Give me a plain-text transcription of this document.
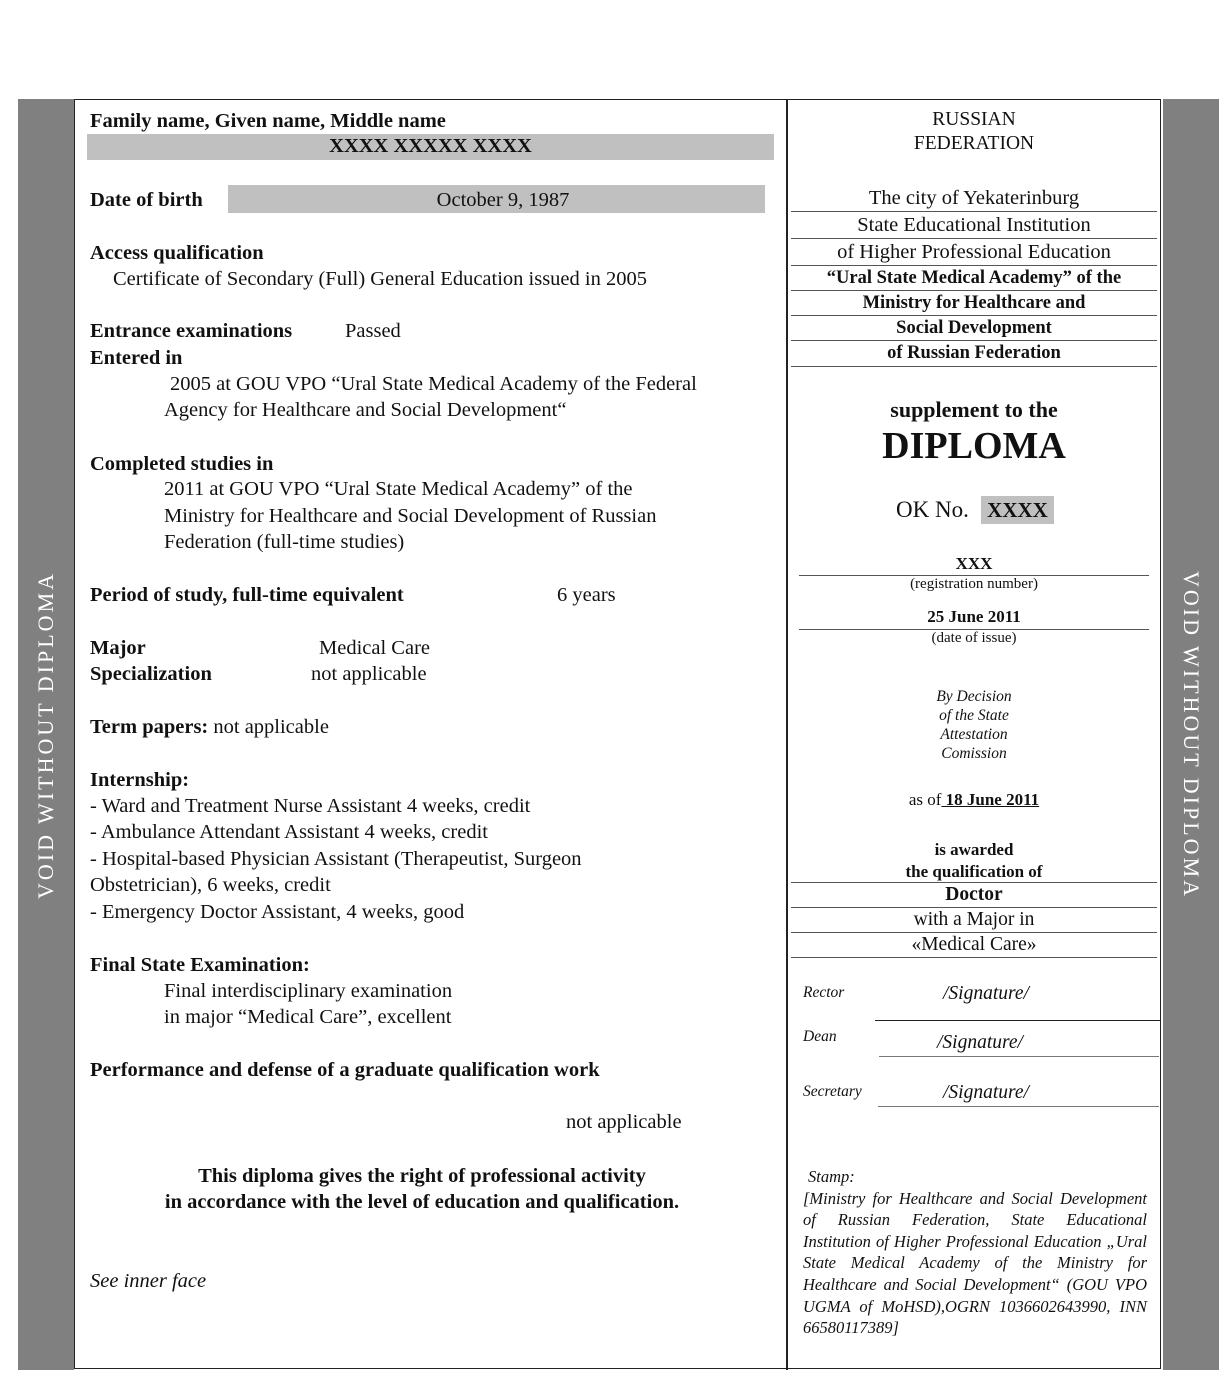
VOID WITHOUT DIPLOMA	VOID WITHOUT DIPLOMA
Family name, Given name, Middle name
XXXX XXXXX XXXX
Date of birth	October 9, 1987
Access qualification
Certificate of Secondary (Full) General Education issued in 2005
Entrance examinations	Passed
Entered in
2005 at GOU VPO “Ural State Medical Academy of the Federal
Agency for Healthcare and Social Development“
Completed studies in
2011 at GOU VPO “Ural State Medical Academy” of the
Ministry for Healthcare and Social Development of Russian
Federation (full-time studies)
Period of study, full-time equivalent	6 years
Major	Medical Care
Specialization	not applicable
Term papers: not applicable
Internship:
- Ward and Treatment Nurse Assistant 4 weeks, credit
- Ambulance Attendant Assistant 4 weeks, credit
- Hospital-based Physician Assistant (Therapeutist, Surgeon
Obstetrician), 6 weeks, credit
- Emergency Doctor Assistant, 4 weeks, good
Final State Examination:
Final interdisciplinary examination
in major “Medical Care”, excellent
Performance and defense of a graduate qualification work
not applicable
This diploma gives the right of professional activity
in accordance with the level of education and qualification.
See inner face
RUSSIAN
FEDERATION
The city of Yekaterinburg
State Educational Institution
of Higher Professional Education
“Ural State Medical Academy” of the
Ministry for Healthcare and
Social Development
of Russian Federation
supplement to the
DIPLOMA
OK No. XXXX
XXX
(registration number)
25 June 2011
(date of issue)
By Decision
of the State
Attestation
Comission
as of 18 June 2011
is awarded
the qualification of
Doctor
with a Major in
«Medical Care»
Rector	/Signature/
Dean	/Signature/
Secretary	/Signature/
Stamp:
[Ministry for Healthcare and Social Development of Russian Federation, State Educational Institution of Higher Professional Education „Ural State Medical Academy of the Ministry for Healthcare and Social Development“ (GOU VPO UGMA of MoHSD),OGRN 1036602643990, INN 66580117389]
